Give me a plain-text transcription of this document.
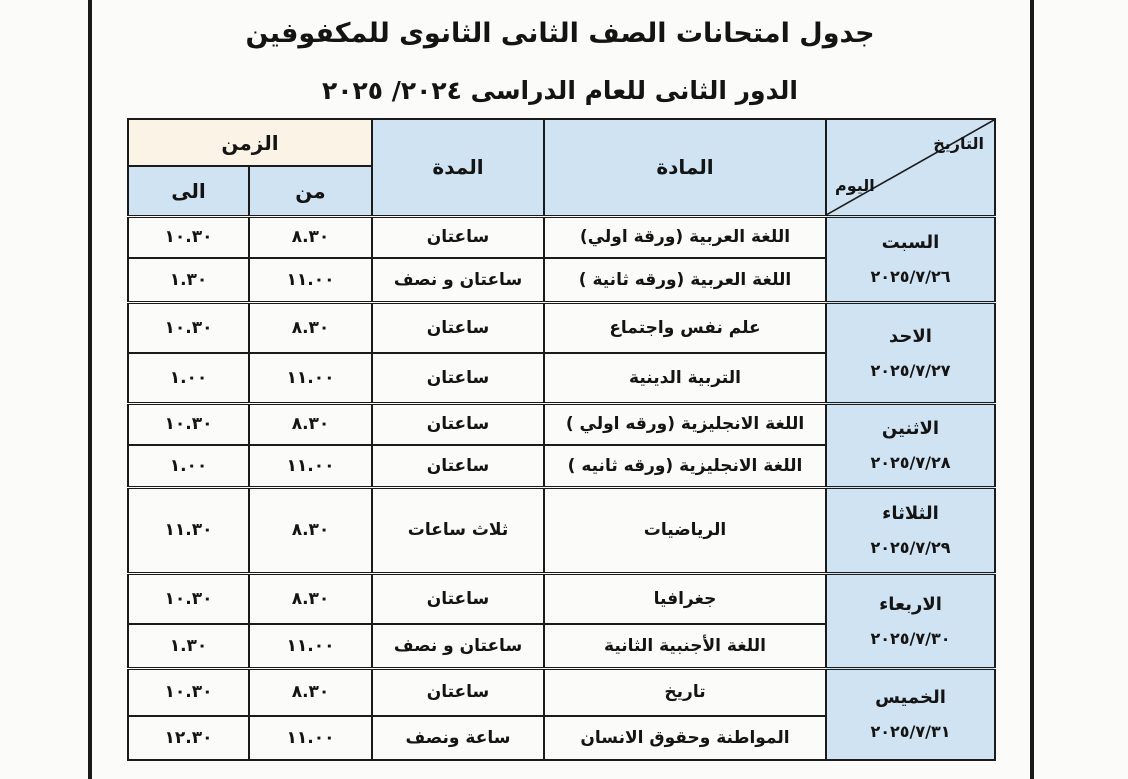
جدول امتحانات الصف الثانى الثانوى للمكفوفين
الدور الثانى للعام الدراسى ٢٠٢٤/ ٢٠٢٥
التاريخ
اليوم	المادة	المدة	الزمن	
			من	الى

السبت
٢٠٢٥/٧/٢٦	اللغة العربية (ورقة اولي)	ساعتان	٨.٣٠	١٠.٣٠
	اللغة العربية (ورقه ثانية )	ساعتان و نصف	١١.٠٠	١.٣٠

الاحد
٢٠٢٥/٧/٢٧	علم نفس واجتماع	ساعتان	٨.٣٠	١٠.٣٠
	التربية الدينية	ساعتان	١١.٠٠	١.٠٠

الاثنين
٢٠٢٥/٧/٢٨	اللغة الانجليزية (ورقه اولي )	ساعتان	٨.٣٠	١٠.٣٠
	اللغة الانجليزية (ورقه ثانيه )	ساعتان	١١.٠٠	١.٠٠

الثلاثاء
٢٠٢٥/٧/٢٩	الرياضيات	ثلاث ساعات	٨.٣٠	١١.٣٠

الاربعاء
٢٠٢٥/٧/٣٠	جغرافيا	ساعتان	٨.٣٠	١٠.٣٠
	اللغة الأجنبية الثانية	ساعتان و نصف	١١.٠٠	١.٣٠

الخميس
٢٠٢٥/٧/٣١	تاريخ	ساعتان	٨.٣٠	١٠.٣٠
	المواطنة وحقوق الانسان	ساعة ونصف	١١.٠٠	١٢.٣٠
